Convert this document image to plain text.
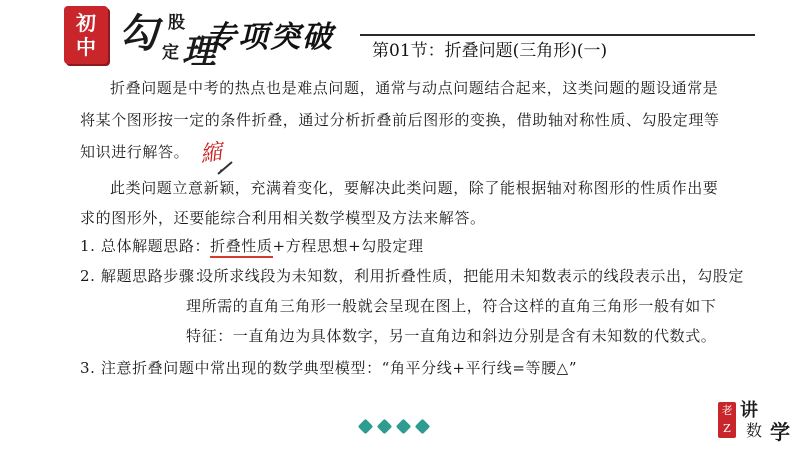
初
中 勾 股
定 理
专项突破 第01节：折叠问题(三角形)(一)
折叠问题是中考的热点也是难点问题，通常与动点问题结合起来，这类问题的题设通常是
将某个图形按一定的条件折叠，通过分析折叠前后图形的变换，借助轴对称性质、勾股定理等
知识进行解答。 縮
此类问题立意新颖，充满着变化，要解决此类问题，除了能根据轴对称图形的性质作出要
求的图形外，还要能综合利用相关数学模型及方法来解答。
1. 总体解题思路：折叠性质+方程思想+勾股定理
2. 解题思路步骤：
设所求线段为未知数，利用折叠性质，把能用未知数表示的线段表示出，勾股定
理所需的直角三角形一般就会呈现在图上，符合这样的直角三角形一般有如下
特征：一直角边为具体数字，另一直角边和斜边分别是含有未知数的代数式。
3. 注意折叠问题中常出现的数学典型模型：“角平分线+平行线=等腰△”
老Z
讲
数 学
